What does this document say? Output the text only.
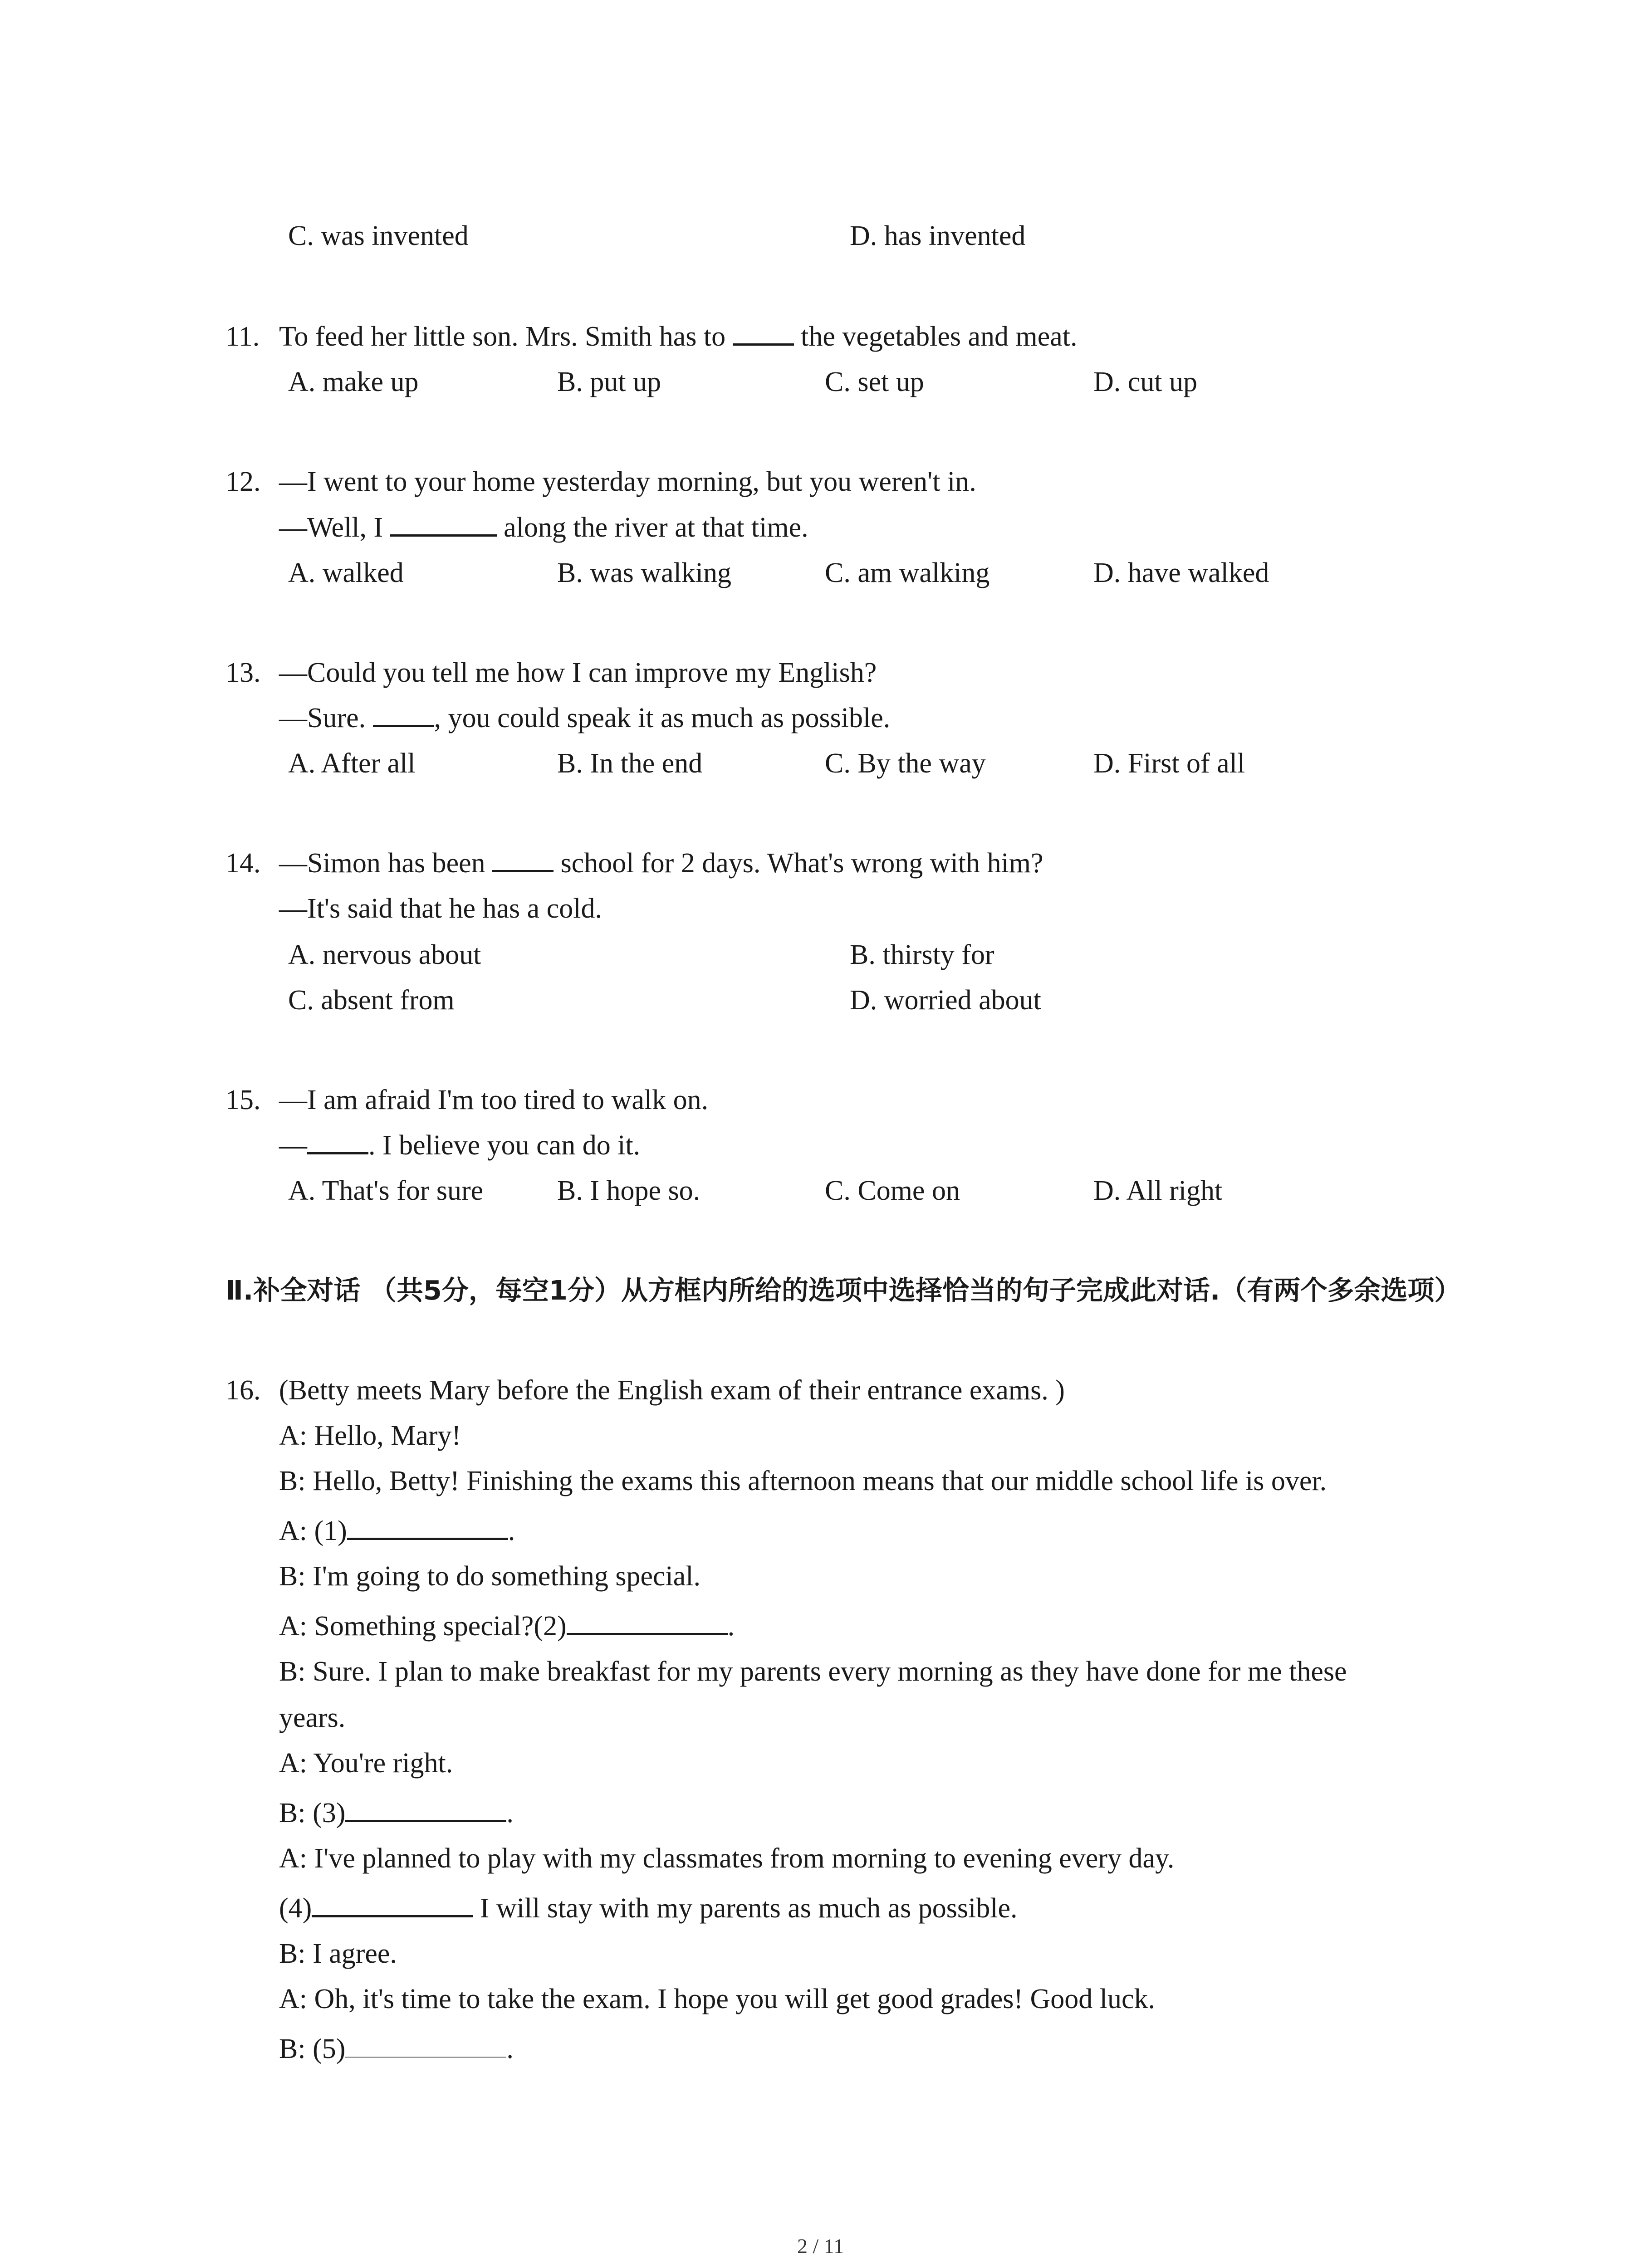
C. was invented	D. has invented
11. To feed her little son. Mrs. Smith has to  the vegetables and meat.
A. make up	B. put up	C. set up	D. cut up
12. —I went to your home yesterday morning, but you weren't in.
—Well, I	along the river at that time.
A. walked	B. was walking	C. am walking	D. have walked
13. —Could you tell me how I can improve my English?
—Sure. , you could speak it as much as possible.
A. After all	B. In the end	C. By the way	D. First of all
14. —Simon has been  school for 2 days. What's wrong with him?
—It's said that he has a cold.
A. nervous about	B. thirsty for
C. absent from	D. worried about
15. —I am afraid I'm too tired to walk on.
— . I believe you can do it.
A. That's for sure	B. I hope so.	C. Come on	D. All right
Ⅱ.补全对话 （共5分，每空1分）从方框内所给的选项中选择恰当的句子完成此对话.（有两个多余选项）
16. (Betty meets Mary before the English exam of their entrance exams. )
A: Hello, Mary!
B: Hello, Betty! Finishing the exams this afternoon means that our middle school life is over.
A: (1)	.
B: I'm going to do something special.
A: Something special?(2)	.
B: Sure. I plan to make breakfast for my parents every morning as they have done for me these
years.
A: You're right.
B: (3)	.
A: I've planned to play with my classmates from morning to evening every day.
(4)	I will stay with my parents as much as possible.
B: I agree.
A: Oh, it's time to take the exam. I hope you will get good grades! Good luck.
B: (5)	.
2 / 11
